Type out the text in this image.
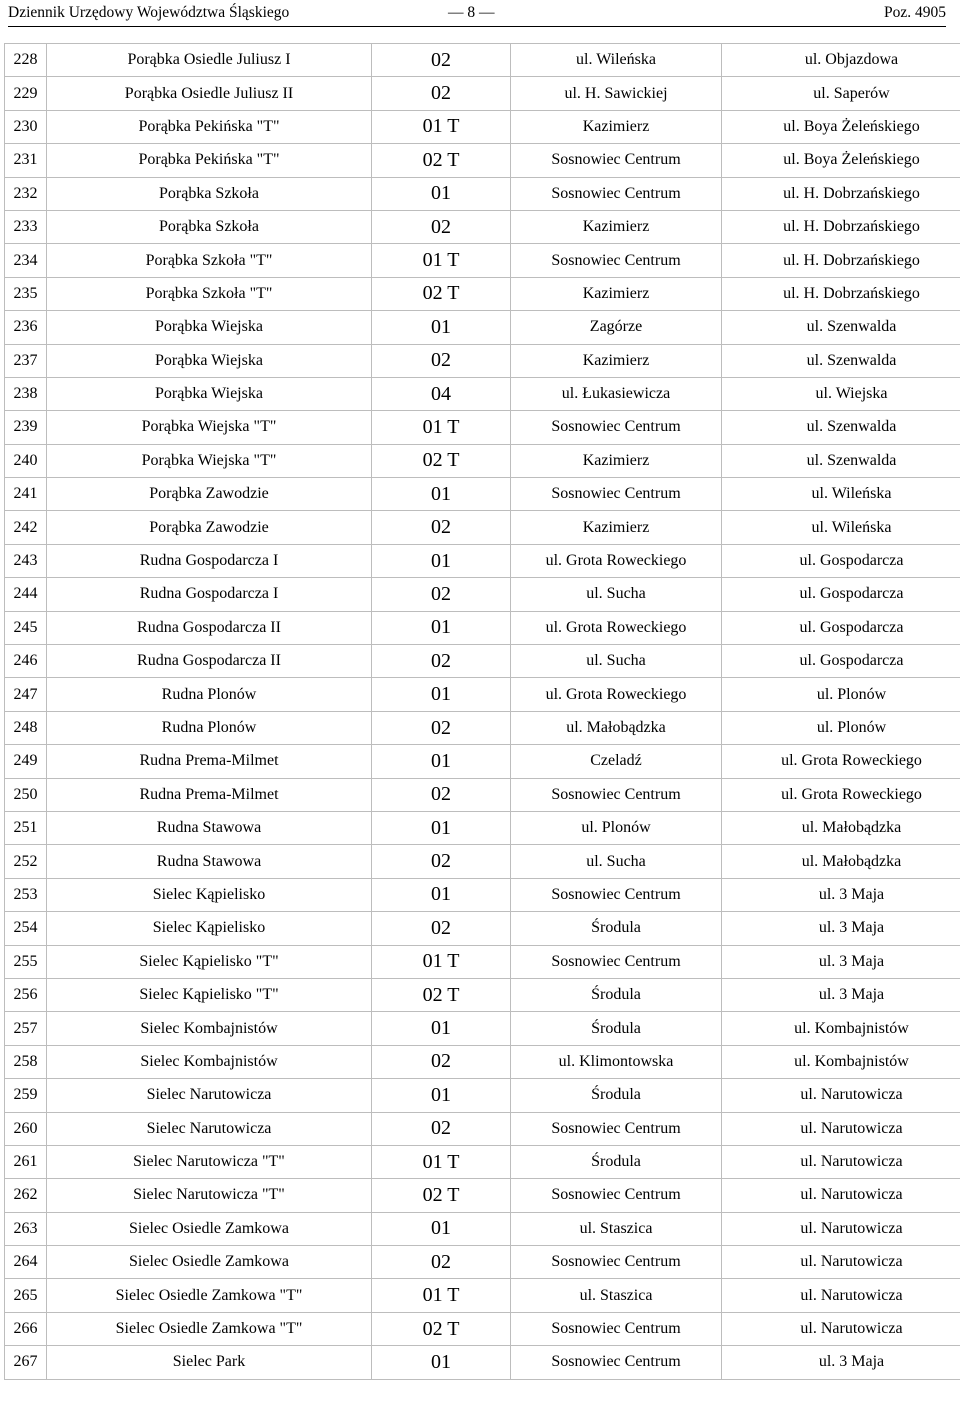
Dziennik Urzędowy Województwa Śląskiego	— 8 —	Poz. 4905
228	Porąbka Osiedle Juliusz I	02	ul. Wileńska	ul. Objazdowa
229	Porąbka Osiedle Juliusz II	02	ul. H. Sawickiej	ul. Saperów
230	Porąbka Pekińska "T"	01 T	Kazimierz	ul. Boya Żeleńskiego
231	Porąbka Pekińska "T"	02 T	Sosnowiec Centrum	ul. Boya Żeleńskiego
232	Porąbka Szkoła	01	Sosnowiec Centrum	ul. H. Dobrzańskiego
233	Porąbka Szkoła	02	Kazimierz	ul. H. Dobrzańskiego
234	Porąbka Szkoła "T"	01 T	Sosnowiec Centrum	ul. H. Dobrzańskiego
235	Porąbka Szkoła "T"	02 T	Kazimierz	ul. H. Dobrzańskiego
236	Porąbka Wiejska	01	Zagórze	ul. Szenwalda
237	Porąbka Wiejska	02	Kazimierz	ul. Szenwalda
238	Porąbka Wiejska	04	ul. Łukasiewicza	ul. Wiejska
239	Porąbka Wiejska "T"	01 T	Sosnowiec Centrum	ul. Szenwalda
240	Porąbka Wiejska "T"	02 T	Kazimierz	ul. Szenwalda
241	Porąbka Zawodzie	01	Sosnowiec Centrum	ul. Wileńska
242	Porąbka Zawodzie	02	Kazimierz	ul. Wileńska
243	Rudna Gospodarcza I	01	ul. Grota Roweckiego	ul. Gospodarcza
244	Rudna Gospodarcza I	02	ul. Sucha	ul. Gospodarcza
245	Rudna Gospodarcza II	01	ul. Grota Roweckiego	ul. Gospodarcza
246	Rudna Gospodarcza II	02	ul. Sucha	ul. Gospodarcza
247	Rudna Plonów	01	ul. Grota Roweckiego	ul. Plonów
248	Rudna Plonów	02	ul. Małobądzka	ul. Plonów
249	Rudna Prema-Milmet	01	Czeladź	ul. Grota Roweckiego
250	Rudna Prema-Milmet	02	Sosnowiec Centrum	ul. Grota Roweckiego
251	Rudna Stawowa	01	ul. Plonów	ul. Małobądzka
252	Rudna Stawowa	02	ul. Sucha	ul. Małobądzka
253	Sielec Kąpielisko	01	Sosnowiec Centrum	ul. 3 Maja
254	Sielec Kąpielisko	02	Środula	ul. 3 Maja
255	Sielec Kąpielisko "T"	01 T	Sosnowiec Centrum	ul. 3 Maja
256	Sielec Kąpielisko "T"	02 T	Środula	ul. 3 Maja
257	Sielec Kombajnistów	01	Środula	ul. Kombajnistów
258	Sielec Kombajnistów	02	ul. Klimontowska	ul. Kombajnistów
259	Sielec Narutowicza	01	Środula	ul. Narutowicza
260	Sielec Narutowicza	02	Sosnowiec Centrum	ul. Narutowicza
261	Sielec Narutowicza "T"	01 T	Środula	ul. Narutowicza
262	Sielec Narutowicza "T"	02 T	Sosnowiec Centrum	ul. Narutowicza
263	Sielec Osiedle Zamkowa	01	ul. Staszica	ul. Narutowicza
264	Sielec Osiedle Zamkowa	02	Sosnowiec Centrum	ul. Narutowicza
265	Sielec Osiedle Zamkowa "T"	01 T	ul. Staszica	ul. Narutowicza
266	Sielec Osiedle Zamkowa "T"	02 T	Sosnowiec Centrum	ul. Narutowicza
267	Sielec Park	01	Sosnowiec Centrum	ul. 3 Maja
